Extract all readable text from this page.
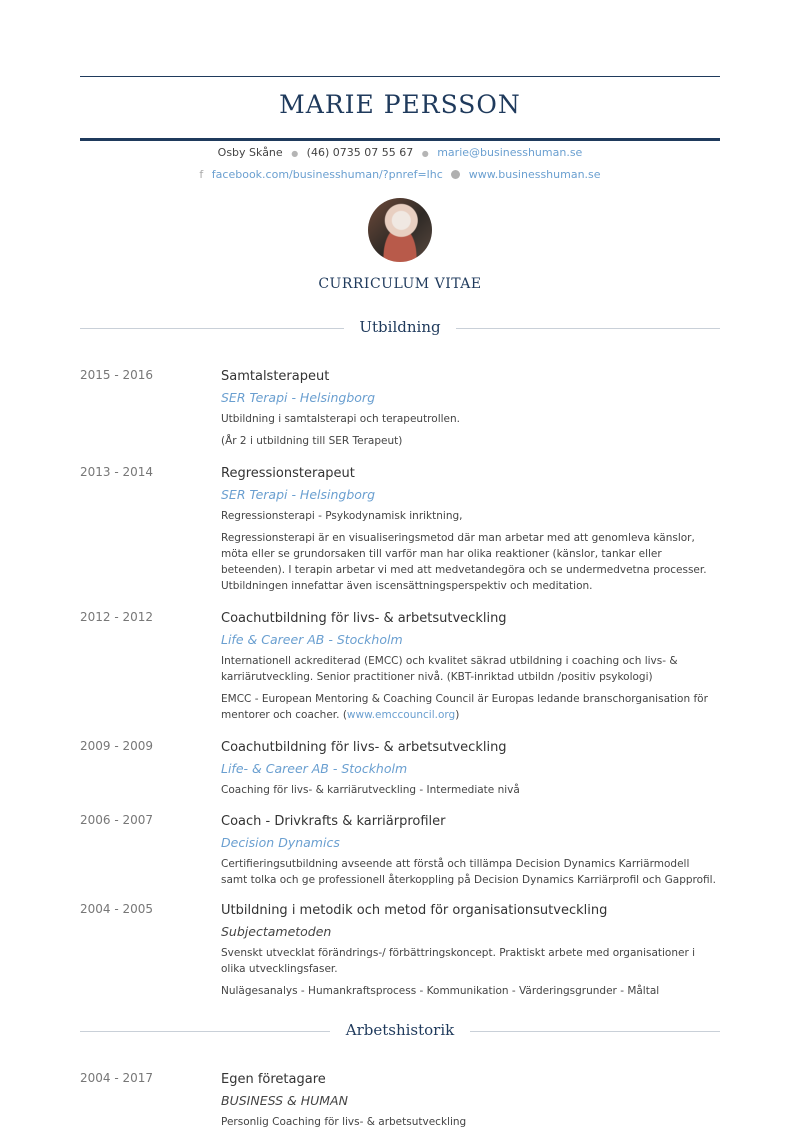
MARIE PERSSON
Osby Skåne ● (46) 0735 07 55 67 ● marie@businesshuman.se
f facebook.com/businesshuman/?pnref=lhc www.businesshuman.se
CURRICULUM VITAE
Utbildning
2015 - 2016	Samtalsterapeut
SER Terapi - Helsingborg

Utbildning i samtalsterapi och terapeutrollen.

(År 2 i utbildning till SER Terapeut)

2013 - 2014	Regressionsterapeut
SER Terapi - Helsingborg

Regressionsterapi - Psykodynamisk inriktning,

Regressionsterapi är en visualiseringsmetod där man arbetar med att genomleva känslor, möta eller se grundorsaken till varför man har olika reaktioner (känslor, tankar eller beteenden). I terapin arbetar vi med att medvetandegöra och se undermedvetna processer. Utbildningen innefattar även iscensättningsperspektiv och meditation.

2012 - 2012	Coachutbildning för livs- & arbetsutveckling
Life & Career AB - Stockholm

Internationell ackrediterad (EMCC) och kvalitet säkrad utbildning i coaching och livs- & karriärutveckling. Senior practitioner nivå. (KBT-inriktad utbildn /positiv psykologi)

EMCC - European Mentoring & Coaching Council är Europas ledande branschorganisation för mentorer och coacher. (www.emccouncil.org)

2009 - 2009	Coachutbildning för livs- & arbetsutveckling
Life- & Career AB - Stockholm

Coaching för livs- & karriärutveckling - Intermediate nivå

2006 - 2007	Coach - Drivkrafts & karriärprofiler
Decision Dynamics

Certifieringsutbildning avseende att förstå och tillämpa Decision Dynamics Karriärmodell samt tolka och ge professionell återkoppling på Decision Dynamics Karriärprofil och Gapprofil.

2004 - 2005	Utbildning i metodik och metod för organisationsutveckling
Subjectametoden

Svenskt utvecklat förändrings-/ förbättringskoncept. Praktiskt arbete med organisationer i olika utvecklingsfaser.

Nulägesanalys - Humankraftsprocess - Kommunikation - Värderingsgrunder - Måltal

Arbetshistorik
2004 - 2017	Egen företagare
BUSINESS & HUMAN

Personlig Coaching för livs- & arbetsutveckling
